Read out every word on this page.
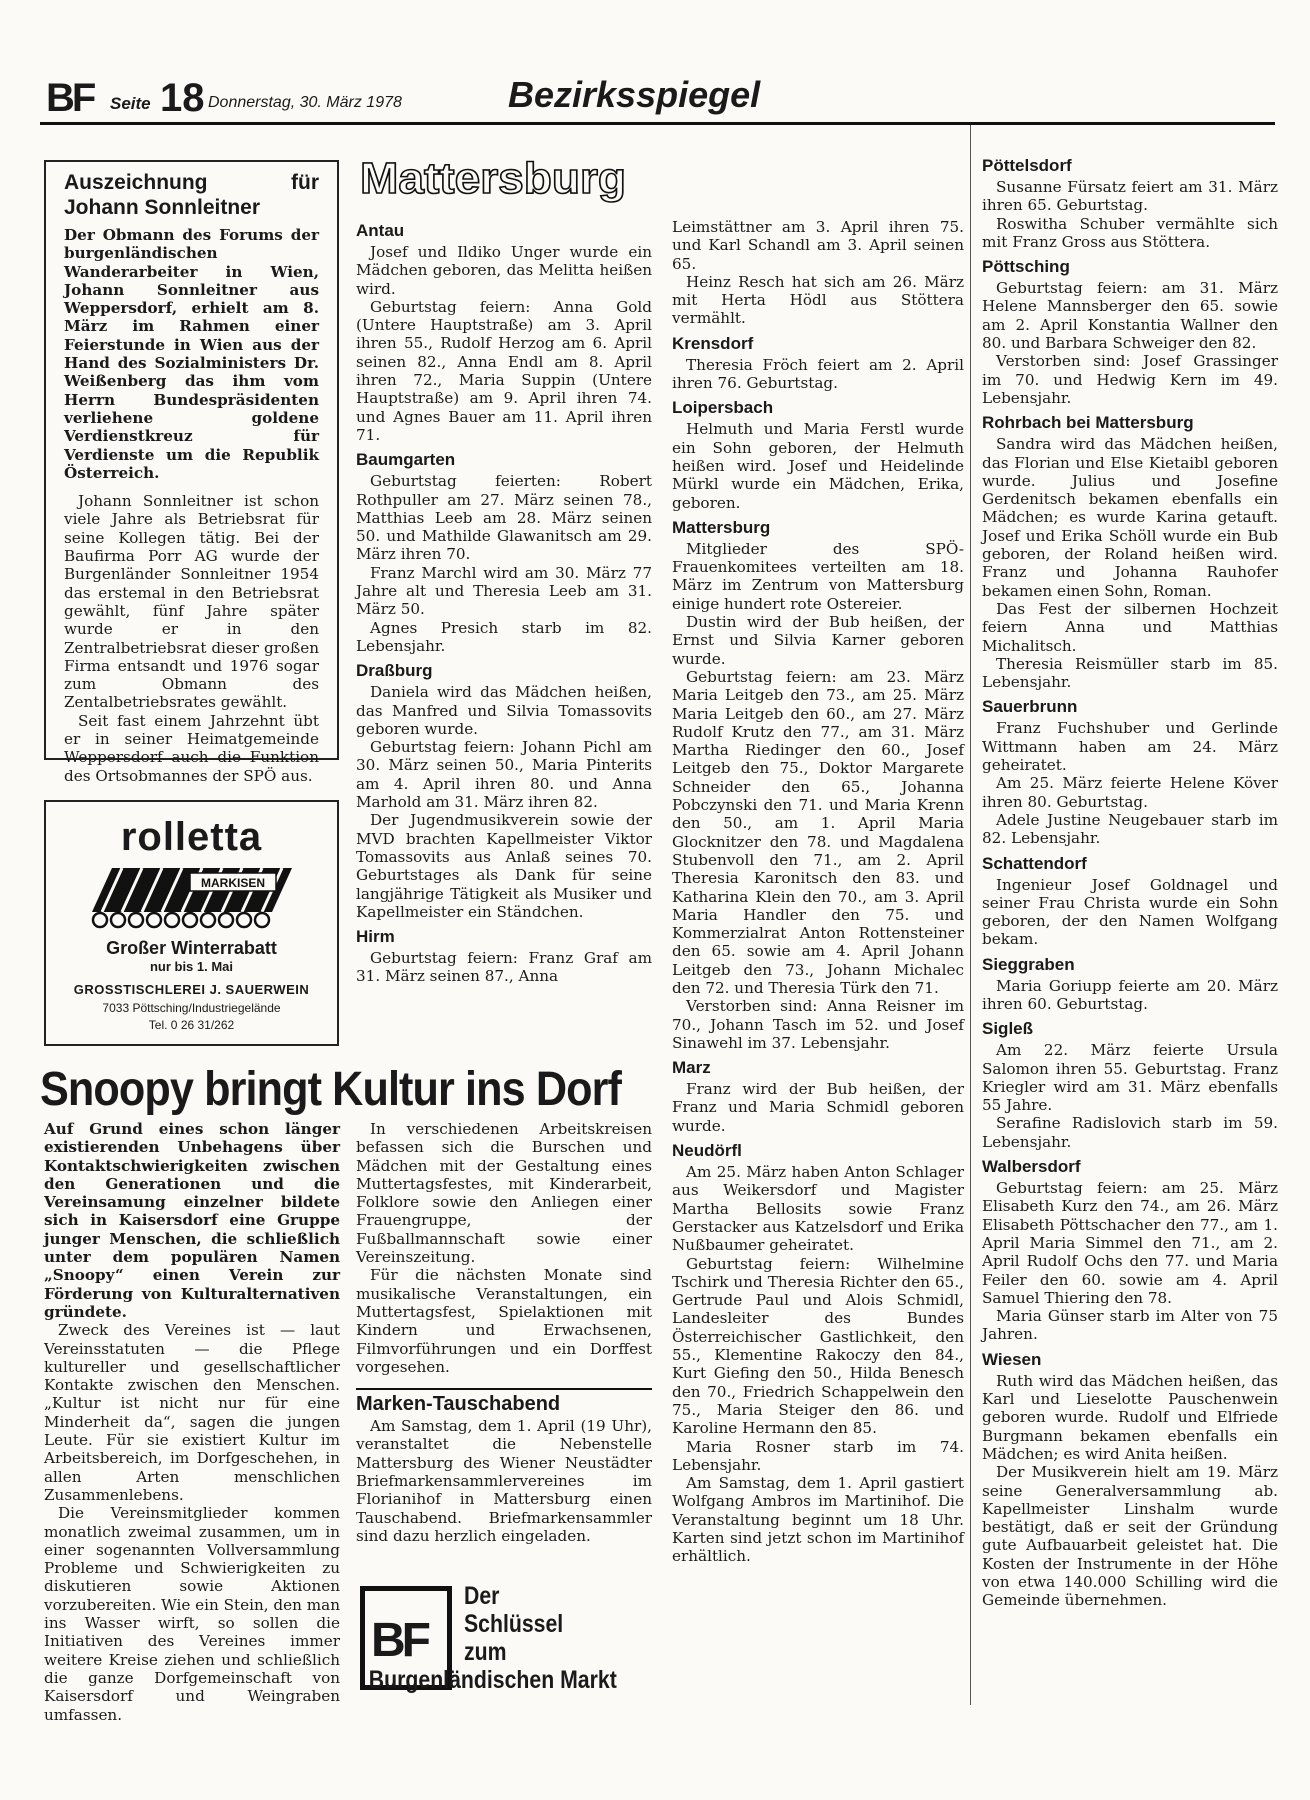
BF Seite 18 Donnerstag, 30. März 1978	Bezirksspiegel
Auszeichnung für Johann Sonnleitner

Der Obmann des Forums der burgenländischen Wanderarbeiter in Wien, Johann Sonnleitner aus Weppersdorf, erhielt am 8. März im Rahmen einer Feierstunde in Wien aus der Hand des Sozialministers Dr. Weißenberg das ihm vom Herrn Bundespräsidenten verliehene goldene Verdienstkreuz für Verdienste um die Republik Österreich.

Johann Sonnleitner ist schon viele Jahre als Betriebsrat für seine Kollegen tätig. Bei der Baufirma Porr AG wurde der Burgenländer Sonnleitner 1954 das erstemal in den Betriebsrat gewählt, fünf Jahre später wurde er in den Zentralbetriebsrat dieser großen Firma entsandt und 1976 sogar zum Obmann des Zentalbetriebsrates gewählt.

Seit fast einem Jahrzehnt übt er in seiner Heimatgemeinde Weppersdorf auch die Funktion des Ortsobmannes der SPÖ aus.

rolletta
MARKISEN
Großer Winterrabatt
nur bis 1. Mai
GROSSTISCHLEREI J. SAUERWEIN
7033 Pöttsching/Industriegelände
Tel. 0 26 31/262
Mattersburg
Antau

Josef und Ildiko Unger wurde ein Mädchen geboren, das Melitta heißen wird.

Geburtstag feiern: Anna Gold (Untere Hauptstraße) am 3. April ihren 55., Rudolf Herzog am 6. April seinen 82., Anna Endl am 8. April ihren 72., Maria Suppin (Untere Hauptstraße) am 9. April ihren 74. und Agnes Bauer am 11. April ihren 71.

Baumgarten

Geburtstag feierten: Robert Rothpuller am 27. März seinen 78., Matthias Leeb am 28. März seinen 50. und Mathilde Glawanitsch am 29. März ihren 70.

Franz Marchl wird am 30. März 77 Jahre alt und Theresia Leeb am 31. März 50.

Agnes Presich starb im 82. Lebensjahr.

Draßburg

Daniela wird das Mädchen heißen, das Manfred und Silvia Tomassovits geboren wurde.

Geburtstag feiern: Johann Pichl am 30. März seinen 50., Maria Pinterits am 4. April ihren 80. und Anna Marhold am 31. März ihren 82.

Der Jugendmusikverein sowie der MVD brachten Kapellmeister Viktor Tomassovits aus Anlaß seines 70. Geburtstages als Dank für seine langjährige Tätigkeit als Musiker und Kapellmeister ein Ständchen.

Hirm

Geburtstag feiern: Franz Graf am 31. März seinen 87., Anna

Leimstättner am 3. April ihren 75. und Karl Schandl am 3. April seinen 65.

Heinz Resch hat sich am 26. März mit Herta Hödl aus Stöttera vermählt.

Krensdorf

Theresia Fröch feiert am 2. April ihren 76. Geburtstag.

Loipersbach

Helmuth und Maria Ferstl wurde ein Sohn geboren, der Helmuth heißen wird. Josef und Heidelinde Mürkl wurde ein Mädchen, Erika, geboren.

Mattersburg

Mitglieder des SPÖ-Frauenkomitees verteilten am 18. März im Zentrum von Mattersburg einige hundert rote Ostereier.

Dustin wird der Bub heißen, der Ernst und Silvia Karner geboren wurde.

Geburtstag feiern: am 23. März Maria Leitgeb den 73., am 25. März Maria Leitgeb den 60., am 27. März Rudolf Krutz den 77., am 31. März Martha Riedinger den 60., Josef Leitgeb den 75., Doktor Margarete Schneider den 65., Johanna Pobczynski den 71. und Maria Krenn den 50., am 1. April Maria Glocknitzer den 78. und Magdalena Stubenvoll den 71., am 2. April Theresia Karonitsch den 83. und Katharina Klein den 70., am 3. April Maria Handler den 75. und Kommerzialrat Anton Rottensteiner den 65. sowie am 4. April Johann Leitgeb den 73., Johann Michalec den 72. und Theresia Türk den 71.

Verstorben sind: Anna Reisner im 70., Johann Tasch im 52. und Josef Sinawehl im 37. Lebensjahr.

Marz

Franz wird der Bub heißen, der Franz und Maria Schmidl geboren wurde.

Neudörfl

Am 25. März haben Anton Schlager aus Weikersdorf und Magister Martha Bellosits sowie Franz Gerstacker aus Katzelsdorf und Erika Nußbaumer geheiratet.

Geburtstag feiern: Wilhelmine Tschirk und Theresia Richter den 65., Gertrude Paul und Alois Schmidl, Landesleiter des Bundes Österreichischer Gastlichkeit, den 55., Klementine Rakoczy den 84., Kurt Giefing den 50., Hilda Benesch den 70., Friedrich Schappelwein den 75., Maria Steiger den 86. und Karoline Hermann den 85.

Maria Rosner starb im 74. Lebensjahr.

Am Samstag, dem 1. April gastiert Wolfgang Ambros im Martinihof. Die Veranstaltung beginnt um 18 Uhr. Karten sind jetzt schon im Martinihof erhältlich.

Pöttelsdorf

Susanne Fürsatz feiert am 31. März ihren 65. Geburtstag.

Roswitha Schuber vermählte sich mit Franz Gross aus Stöttera.

Pöttsching

Geburtstag feiern: am 31. März Helene Mannsberger den 65. sowie am 2. April Konstantia Wallner den 80. und Barbara Schweiger den 82.

Verstorben sind: Josef Grassinger im 70. und Hedwig Kern im 49. Lebensjahr.

Rohrbach bei Mattersburg

Sandra wird das Mädchen heißen, das Florian und Else Kietaibl geboren wurde. Julius und Josefine Gerdenitsch bekamen ebenfalls ein Mädchen; es wurde Karina getauft. Josef und Erika Schöll wurde ein Bub geboren, der Roland heißen wird. Franz und Johanna Rauhofer bekamen einen Sohn, Roman.

Das Fest der silbernen Hochzeit feiern Anna und Matthias Michalitsch.

Theresia Reismüller starb im 85. Lebensjahr.

Sauerbrunn

Franz Fuchshuber und Gerlinde Wittmann haben am 24. März geheiratet.

Am 25. März feierte Helene Köver ihren 80. Geburtstag.

Adele Justine Neugebauer starb im 82. Lebensjahr.

Schattendorf

Ingenieur Josef Goldnagel und seiner Frau Christa wurde ein Sohn geboren, der den Namen Wolfgang bekam.

Sieggraben

Maria Goriupp feierte am 20. März ihren 60. Geburtstag.

Sigleß

Am 22. März feierte Ursula Salomon ihren 55. Geburtstag. Franz Kriegler wird am 31. März ebenfalls 55 Jahre.

Serafine Radislovich starb im 59. Lebensjahr.

Walbersdorf

Geburtstag feiern: am 25. März Elisabeth Kurz den 74., am 26. März Elisabeth Pöttschacher den 77., am 1. April Maria Simmel den 71., am 2. April Rudolf Ochs den 77. und Maria Feiler den 60. sowie am 4. April Samuel Thiering den 78.

Maria Günser starb im Alter von 75 Jahren.

Wiesen

Ruth wird das Mädchen heißen, das Karl und Lieselotte Pauschenwein geboren wurde. Rudolf und Elfriede Burgmann bekamen ebenfalls ein Mädchen; es wird Anita heißen.

Der Musikverein hielt am 19. März seine Generalversammlung ab. Kapellmeister Linshalm wurde bestätigt, daß er seit der Gründung gute Aufbauarbeit geleistet hat. Die Kosten der Instrumente in der Höhe von etwa 140.000 Schilling wird die Gemeinde übernehmen.

Snoopy bringt Kultur ins Dorf

Auf Grund eines schon länger existierenden Unbehagens über Kontaktschwierigkeiten zwischen den Generationen und die Vereinsamung einzelner bildete sich in Kaisersdorf eine Gruppe junger Menschen, die schließlich unter dem populären Namen „Snoopy“ einen Verein zur Förderung von Kulturalternativen gründete.

Zweck des Vereines ist — laut Vereinsstatuten — die Pflege kultureller und gesellschaftlicher Kontakte zwischen den Menschen. „Kultur ist nicht nur für eine Minderheit da“, sagen die jungen Leute. Für sie existiert Kultur im Arbeitsbereich, im Dorfgeschehen, in allen Arten menschlichen Zusammenlebens.

Die Vereinsmitglieder kommen monatlich zweimal zusammen, um in einer sogenannten Vollversammlung Probleme und Schwierigkeiten zu diskutieren sowie Aktionen vorzubereiten. Wie ein Stein, den man ins Wasser wirft, so sollen die Initiativen des Vereines immer weitere Kreise ziehen und schließlich die ganze Dorfgemeinschaft von Kaisersdorf und Weingraben umfassen.

In verschiedenen Arbeitskreisen befassen sich die Burschen und Mädchen mit der Gestaltung eines Muttertagsfestes, mit Kinderarbeit, Folklore sowie den Anliegen einer Frauengruppe, der Fußballmannschaft sowie einer Vereinszeitung.

Für die nächsten Monate sind musikalische Veranstaltungen, ein Muttertagsfest, Spielaktionen mit Kindern und Erwachsenen, Filmvorführungen und ein Dorffest vorgesehen.

Marken-Tauschabend

Am Samstag, dem 1. April (19 Uhr), veranstaltet die Nebenstelle Mattersburg des Wiener Neustädter Briefmarkensammlervereines im Florianihof in Mattersburg einen Tauschabend. Briefmarkensammler sind dazu herzlich eingeladen.

BF
Der
Schlüssel
zum
Burgenländischen Markt
